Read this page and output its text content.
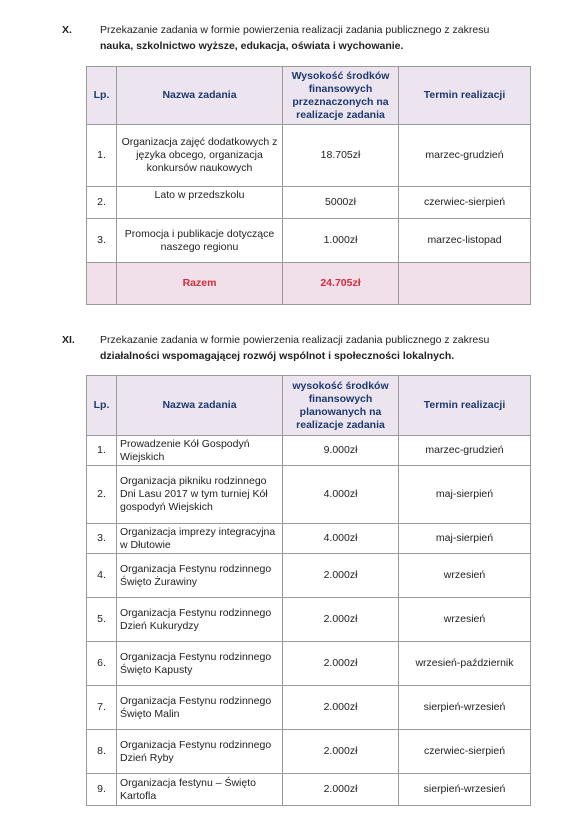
X.	Przekazanie zadania w formie powierzenia realizacji zadania publicznego z zakresu
nauka, szkolnictwo wyższe, edukacja, oświata i wychowanie.
Lp.	Nazwa zadania	Wysokość środków finansowych przeznaczonych na realizacje zadania	Termin realizacji
1.	Organizacja zajęć dodatkowych z języka obcego, organizacja konkursów naukowych	18.705zł	marzec-grudzień
2.	Lato w przedszkolu	5000zł	czerwiec-sierpień
3.	Promocja i publikacje dotyczące naszego regionu	1.000zł	marzec-listopad
	Razem	24.705zł	
XI. Przekazanie zadania w formie powierzenia realizacji zadania publicznego z zakresu
działalności wspomagającej rozwój wspólnot i społeczności lokalnych.
Lp.	Nazwa zadania	wysokość środków finansowych planowanych na realizacje zadania	Termin realizacji
1.	Prowadzenie Kół Gospodyń Wiejskich	9.000zł	marzec-grudzień
2.	Organizacja pikniku rodzinnego Dni Lasu 2017 w tym turniej Kół gospodyń Wiejskich	4.000zł	maj-sierpień
3.	Organizacja imprezy integracyjna w Dłutowie	4.000zł	maj-sierpień
4.	Organizacja Festynu rodzinnego Święto Żurawiny	2.000zł	wrzesień
5.	Organizacja Festynu rodzinnego Dzień Kukurydzy	2.000zł	wrzesień
6.	Organizacja Festynu rodzinnego Święto Kapusty	2.000zł	wrzesień-październik
7.	Organizacja Festynu rodzinnego Święto Malin	2.000zł	sierpień-wrzesień
8.	Organizacja Festynu rodzinnego Dzień Ryby	2.000zł	czerwiec-sierpień
9.	Organizacja festynu – Święto Kartofla	2.000zł	sierpień-wrzesień
